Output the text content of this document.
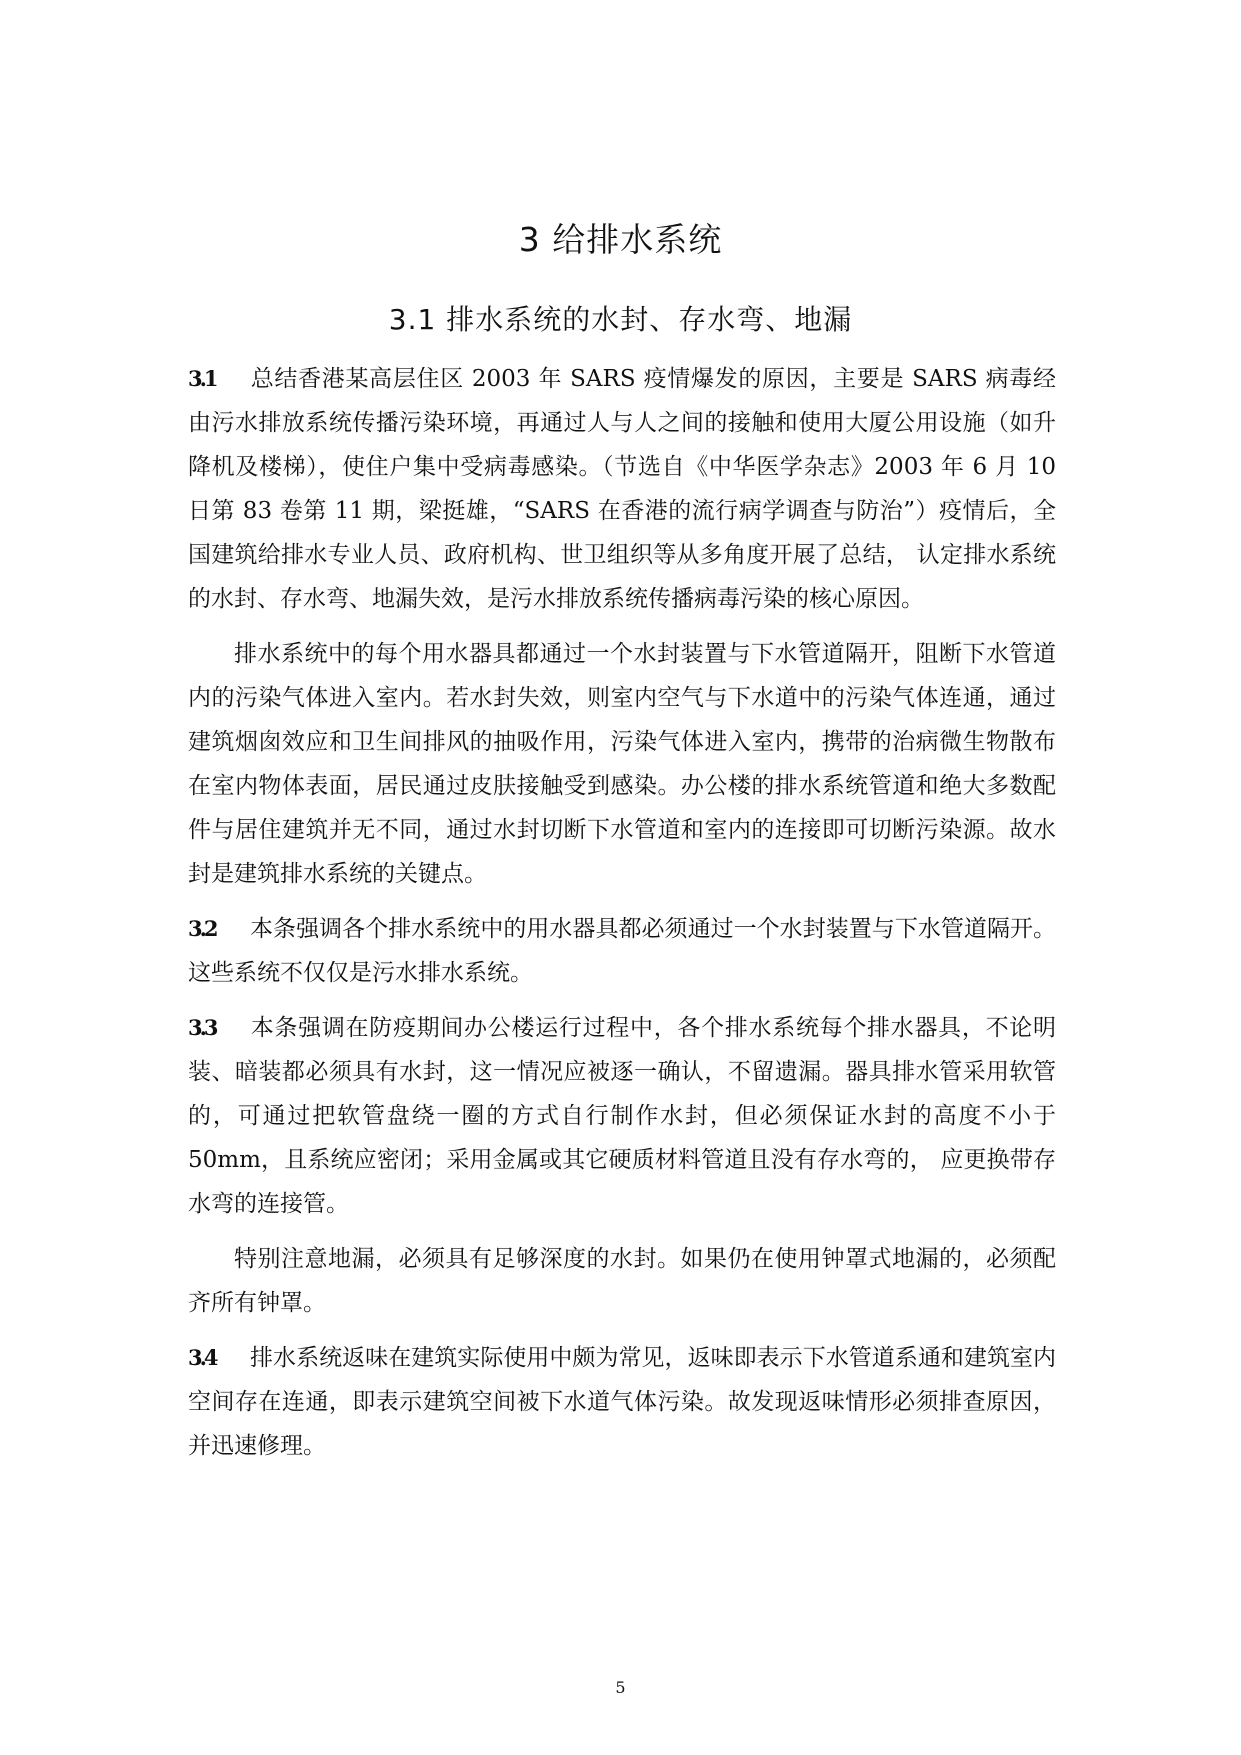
3 给排水系统
3.1 排水系统的水封、存水弯、地漏

3.1 总结香港某高层住区 2003 年 SARS 疫情爆发的原因，主要是 SARS 病毒经由污水排放系统传播污染环境，再通过人与人之间的接触和使用大厦公用设施（如升降机及楼梯），使住户集中受病毒感染。（节选自《中华医学杂志》2003 年 6 月 10 日第 83 卷第 11 期，梁挺雄，“SARS 在香港的流行病学调查与防治”）疫情后，全国建筑给排水专业人员、政府机构、世卫组织等从多角度开展了总结， 认定排水系统的水封、存水弯、地漏失效，是污水排放系统传播病毒污染的核心原因。

排水系统中的每个用水器具都通过一个水封装置与下水管道隔开，阻断下水管道内的污染气体进入室内。若水封失效，则室内空气与下水道中的污染气体连通，通过建筑烟囱效应和卫生间排风的抽吸作用，污染气体进入室内，携带的治病微生物散布在室内物体表面，居民通过皮肤接触受到感染。办公楼的排水系统管道和绝大多数配件与居住建筑并无不同，通过水封切断下水管道和室内的连接即可切断污染源。故水封是建筑排水系统的关键点。

3.2 本条强调各个排水系统中的用水器具都必须通过一个水封装置与下水管道隔开。这些系统不仅仅是污水排水系统。

3.3 本条强调在防疫期间办公楼运行过程中，各个排水系统每个排水器具，不论明装、暗装都必须具有水封，这一情况应被逐一确认，不留遗漏。器具排水管采用软管的，可通过把软管盘绕一圈的方式自行制作水封，但必须保证水封的高度不小于 50mm，且系统应密闭；采用金属或其它硬质材料管道且没有存水弯的， 应更换带存水弯的连接管。

特别注意地漏，必须具有足够深度的水封。如果仍在使用钟罩式地漏的，必须配齐所有钟罩。

3.4 排水系统返味在建筑实际使用中颇为常见，返味即表示下水管道系通和建筑室内空间存在连通，即表示建筑空间被下水道气体污染。故发现返味情形必须排查原因，并迅速修理。

5
